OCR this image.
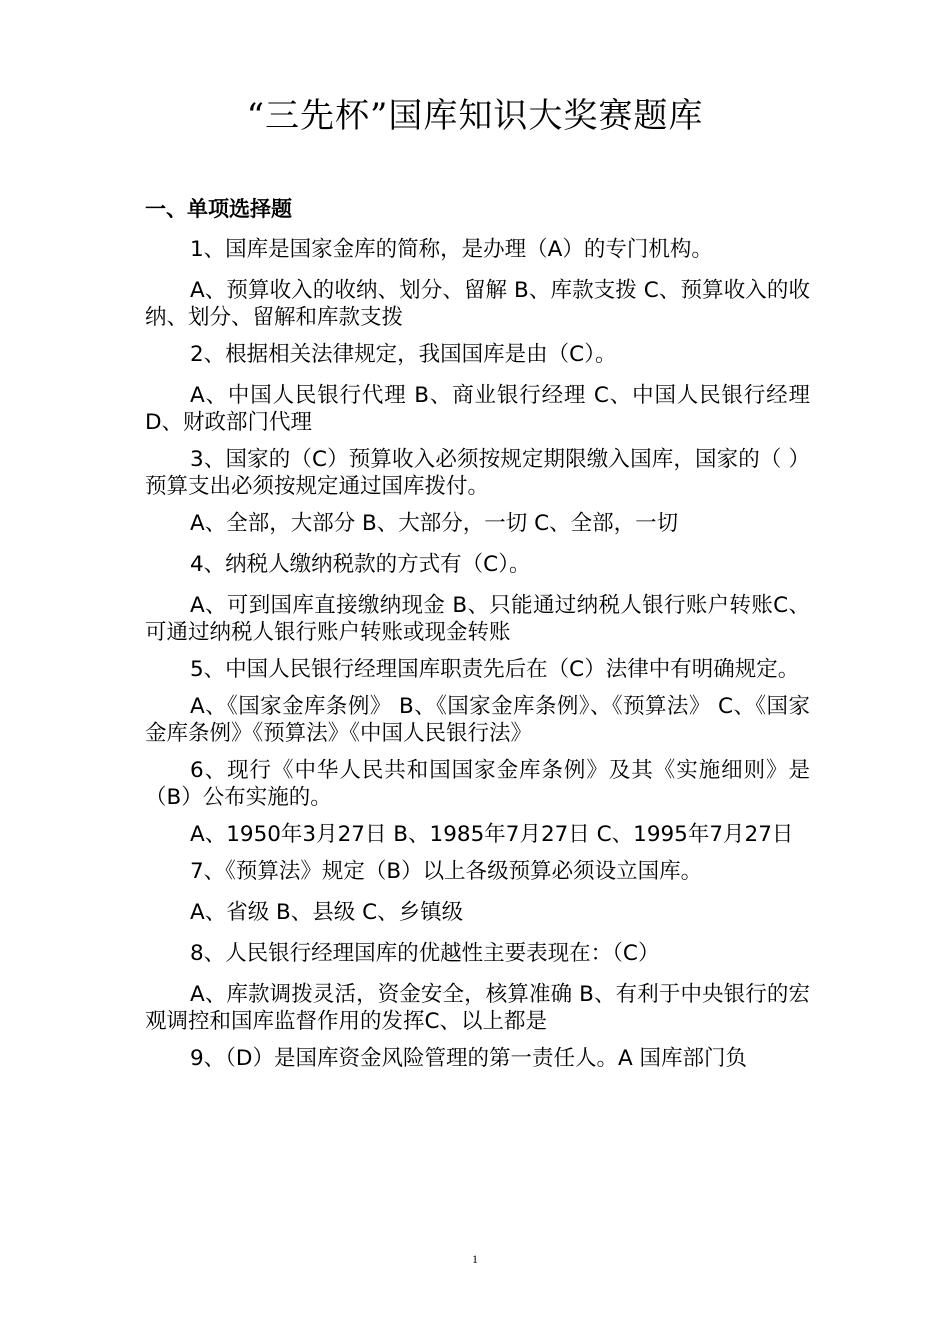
“三先杯”国库知识大奖赛题库
一、单项选择题

1、国库是国家金库的简称，是办理（A）的专门机构。

A、预算收入的收纳、划分、留解 B、库款支拨 C、预算收入的收纳、划分、留解和库款支拨

2、根据相关法律规定，我国国库是由（C）。

A、中国人民银行代理 B、商业银行经理 C、中国人民银行经理 D、财政部门代理

3、国家的（C）预算收入必须按规定期限缴入国库，国家的（ ）预算支出必须按规定通过国库拨付。

A、全部，大部分 B、大部分，一切 C、全部，一切

4、纳税人缴纳税款的方式有（C）。

A、可到国库直接缴纳现金 B、只能通过纳税人银行账户转账C、可通过纳税人银行账户转账或现金转账

5、中国人民银行经理国库职责先后在（C）法律中有明确规定。

A、《国家金库条例》 B、《国家金库条例》、《预算法》 C、《国家金库条例》《预算法》《中国人民银行法》

6、现行《中华人民共和国国家金库条例》及其《实施细则》是（B）公布实施的。

A、1950年3月27日 B、1985年7月27日 C、1995年7月27日

7、《预算法》规定（B）以上各级预算必须设立国库。

A、省级 B、县级 C、乡镇级

8、人民银行经理国库的优越性主要表现在：（C）

A、库款调拨灵活，资金安全，核算准确 B、有利于中央银行的宏观调控和国库监督作用的发挥C、以上都是

9、（D）是国库资金风险管理的第一责任人。A 国库部门负

1
